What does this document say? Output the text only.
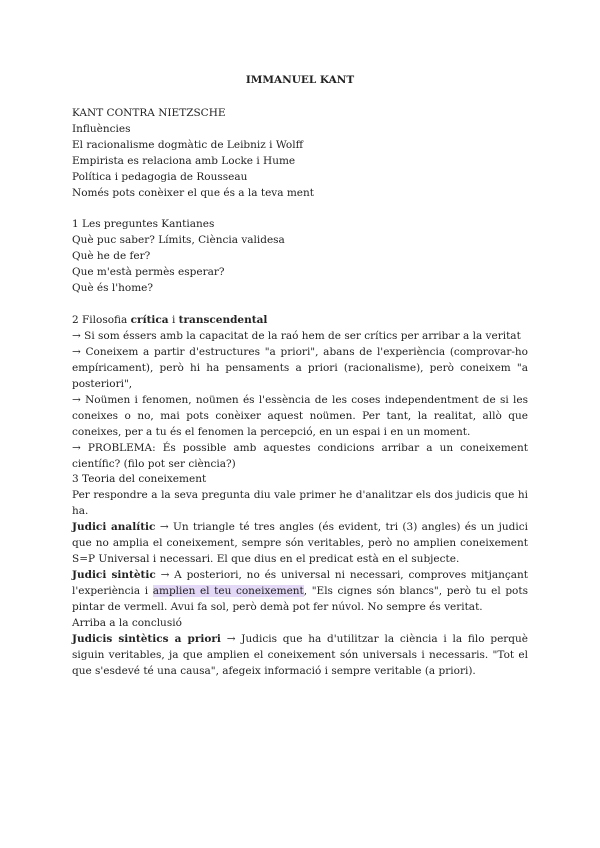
IMMANUEL KANT
KANT CONTRA NIETZSCHE
Influències
El racionalisme dogmàtic de Leibniz i Wolff
Empirista es relaciona amb Locke i Hume
Política i pedagogia de Rousseau
Només pots conèixer el que és a la teva ment
1 Les preguntes Kantianes
Què puc saber? Límits, Ciència validesa
Què he de fer?
Que m'està permès esperar?
Què és l'home?
2 Filosofia crítica i transcendental
→ Si som éssers amb la capacitat de la raó hem de ser crítics per arribar a la veritat
→ Coneixem a partir d'estructures "a priori", abans de l'experiència (comprovar-ho empíricament), però hi ha pensaments a priori (racionalisme), però coneixem "a posteriori",
→ Noümen i fenomen, noümen és l'essència de les coses independentment de si les coneixes o no, mai pots conèixer aquest noümen. Per tant, la realitat, allò que coneixes, per a tu és el fenomen la percepció, en un espai i en un moment.
→ PROBLEMA: És possible amb aquestes condicions arribar a un coneixement científic? (filo pot ser ciència?)
3 Teoria del coneixement
Per respondre a la seva pregunta diu vale primer he d'analitzar els dos judicis que hi ha.
Judici analític → Un triangle té tres angles (és evident, tri (3) angles) és un judici que no amplia el coneixement, sempre són veritables, però no amplien coneixement S=P Universal i necessari. El que dius en el predicat està en el subjecte.
Judici sintètic → A posteriori, no és universal ni necessari, comproves mitjançant l'experiència i amplien el teu coneixement, "Els cignes són blancs", però tu el pots pintar de vermell. Avui fa sol, però demà pot fer núvol. No sempre és veritat.
Arriba a la conclusió
Judicis sintètics a priori → Judicis que ha d'utilitzar la ciència i la filo perquè siguin veritables, ja que amplien el coneixement són universals i necessaris. "Tot el que s'esdevé té una causa", afegeix informació i sempre veritable (a priori).
